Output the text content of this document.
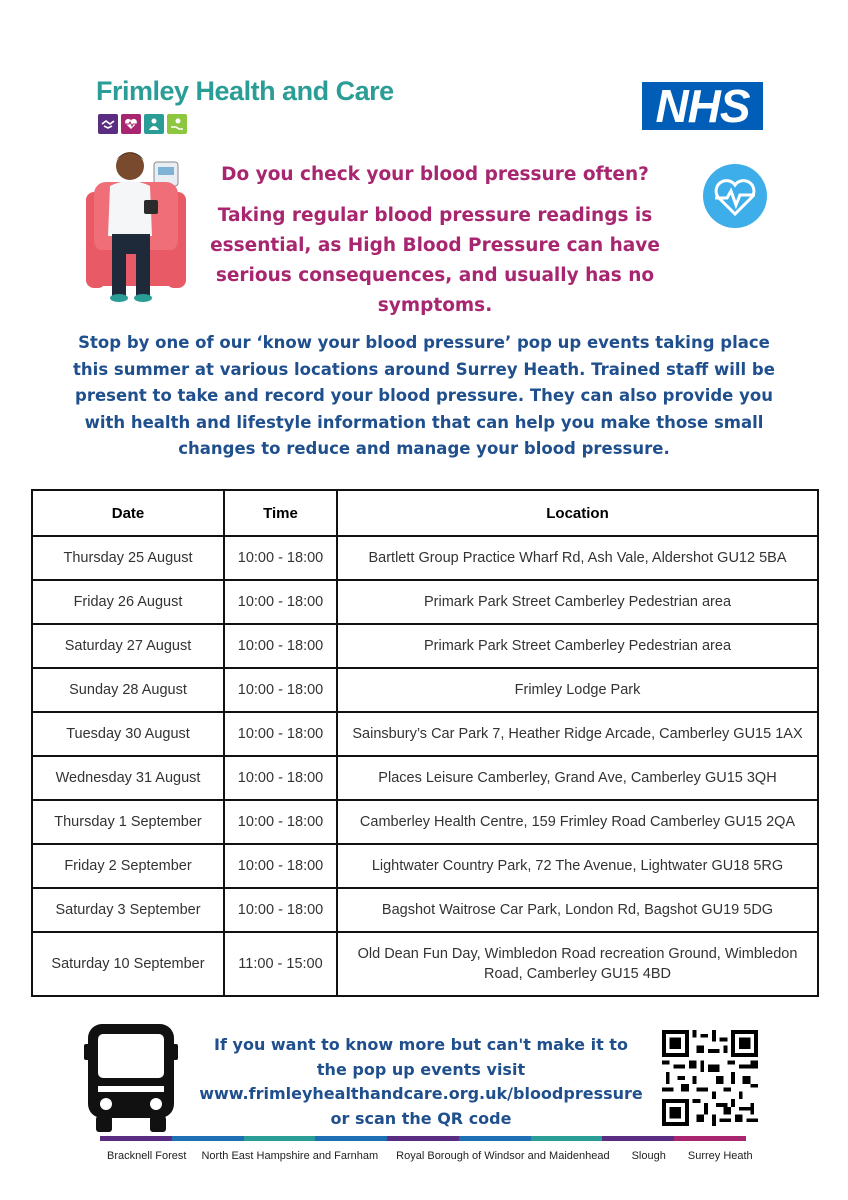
Frimley Health and Care	NHS
Do you check your blood pressure often?
Taking regular blood pressure readings is essential, as High Blood Pressure can have serious consequences, and usually has no symptoms.
Stop by one of our ‘know your blood pressure’ pop up events taking place this summer at various locations around Surrey Heath. Trained staff will be present to take and record your blood pressure. They can also provide you with health and lifestyle information that can help you make those small changes to reduce and manage your blood pressure.
Date	Time	Location
Thursday 25 August	10:00 - 18:00	Bartlett Group Practice Wharf Rd, Ash Vale, Aldershot GU12 5BA
Friday 26 August	10:00 - 18:00	Primark Park Street Camberley Pedestrian area
Saturday 27 August	10:00 - 18:00	Primark Park Street Camberley Pedestrian area
Sunday 28 August	10:00 - 18:00	Frimley Lodge Park
Tuesday 30 August	10:00 - 18:00	Sainsbury’s Car Park 7, Heather Ridge Arcade, Camberley GU15 1AX
Wednesday 31 August	10:00 - 18:00	Places Leisure Camberley, Grand Ave, Camberley GU15 3QH
Thursday 1 September	10:00 - 18:00	Camberley Health Centre, 159 Frimley Road Camberley GU15 2QA
Friday 2 September	10:00 - 18:00	Lightwater Country Park, 72 The Avenue, Lightwater GU18 5RG
Saturday 3 September	10:00 - 18:00	Bagshot Waitrose Car Park, London Rd, Bagshot GU19 5DG
Saturday 10 September	11:00 - 15:00	Old Dean Fun Day, Wimbledon Road recreation Ground, Wimbledon Road, Camberley GU15 4BD
If you want to know more but can't make it to
the pop up events visit
www.frimleyhealthandcare.org.uk/bloodpressure
or scan the QR code
Bracknell Forest North East Hampshire and Farnham Royal Borough of Windsor and Maidenhead Slough Surrey Heath
